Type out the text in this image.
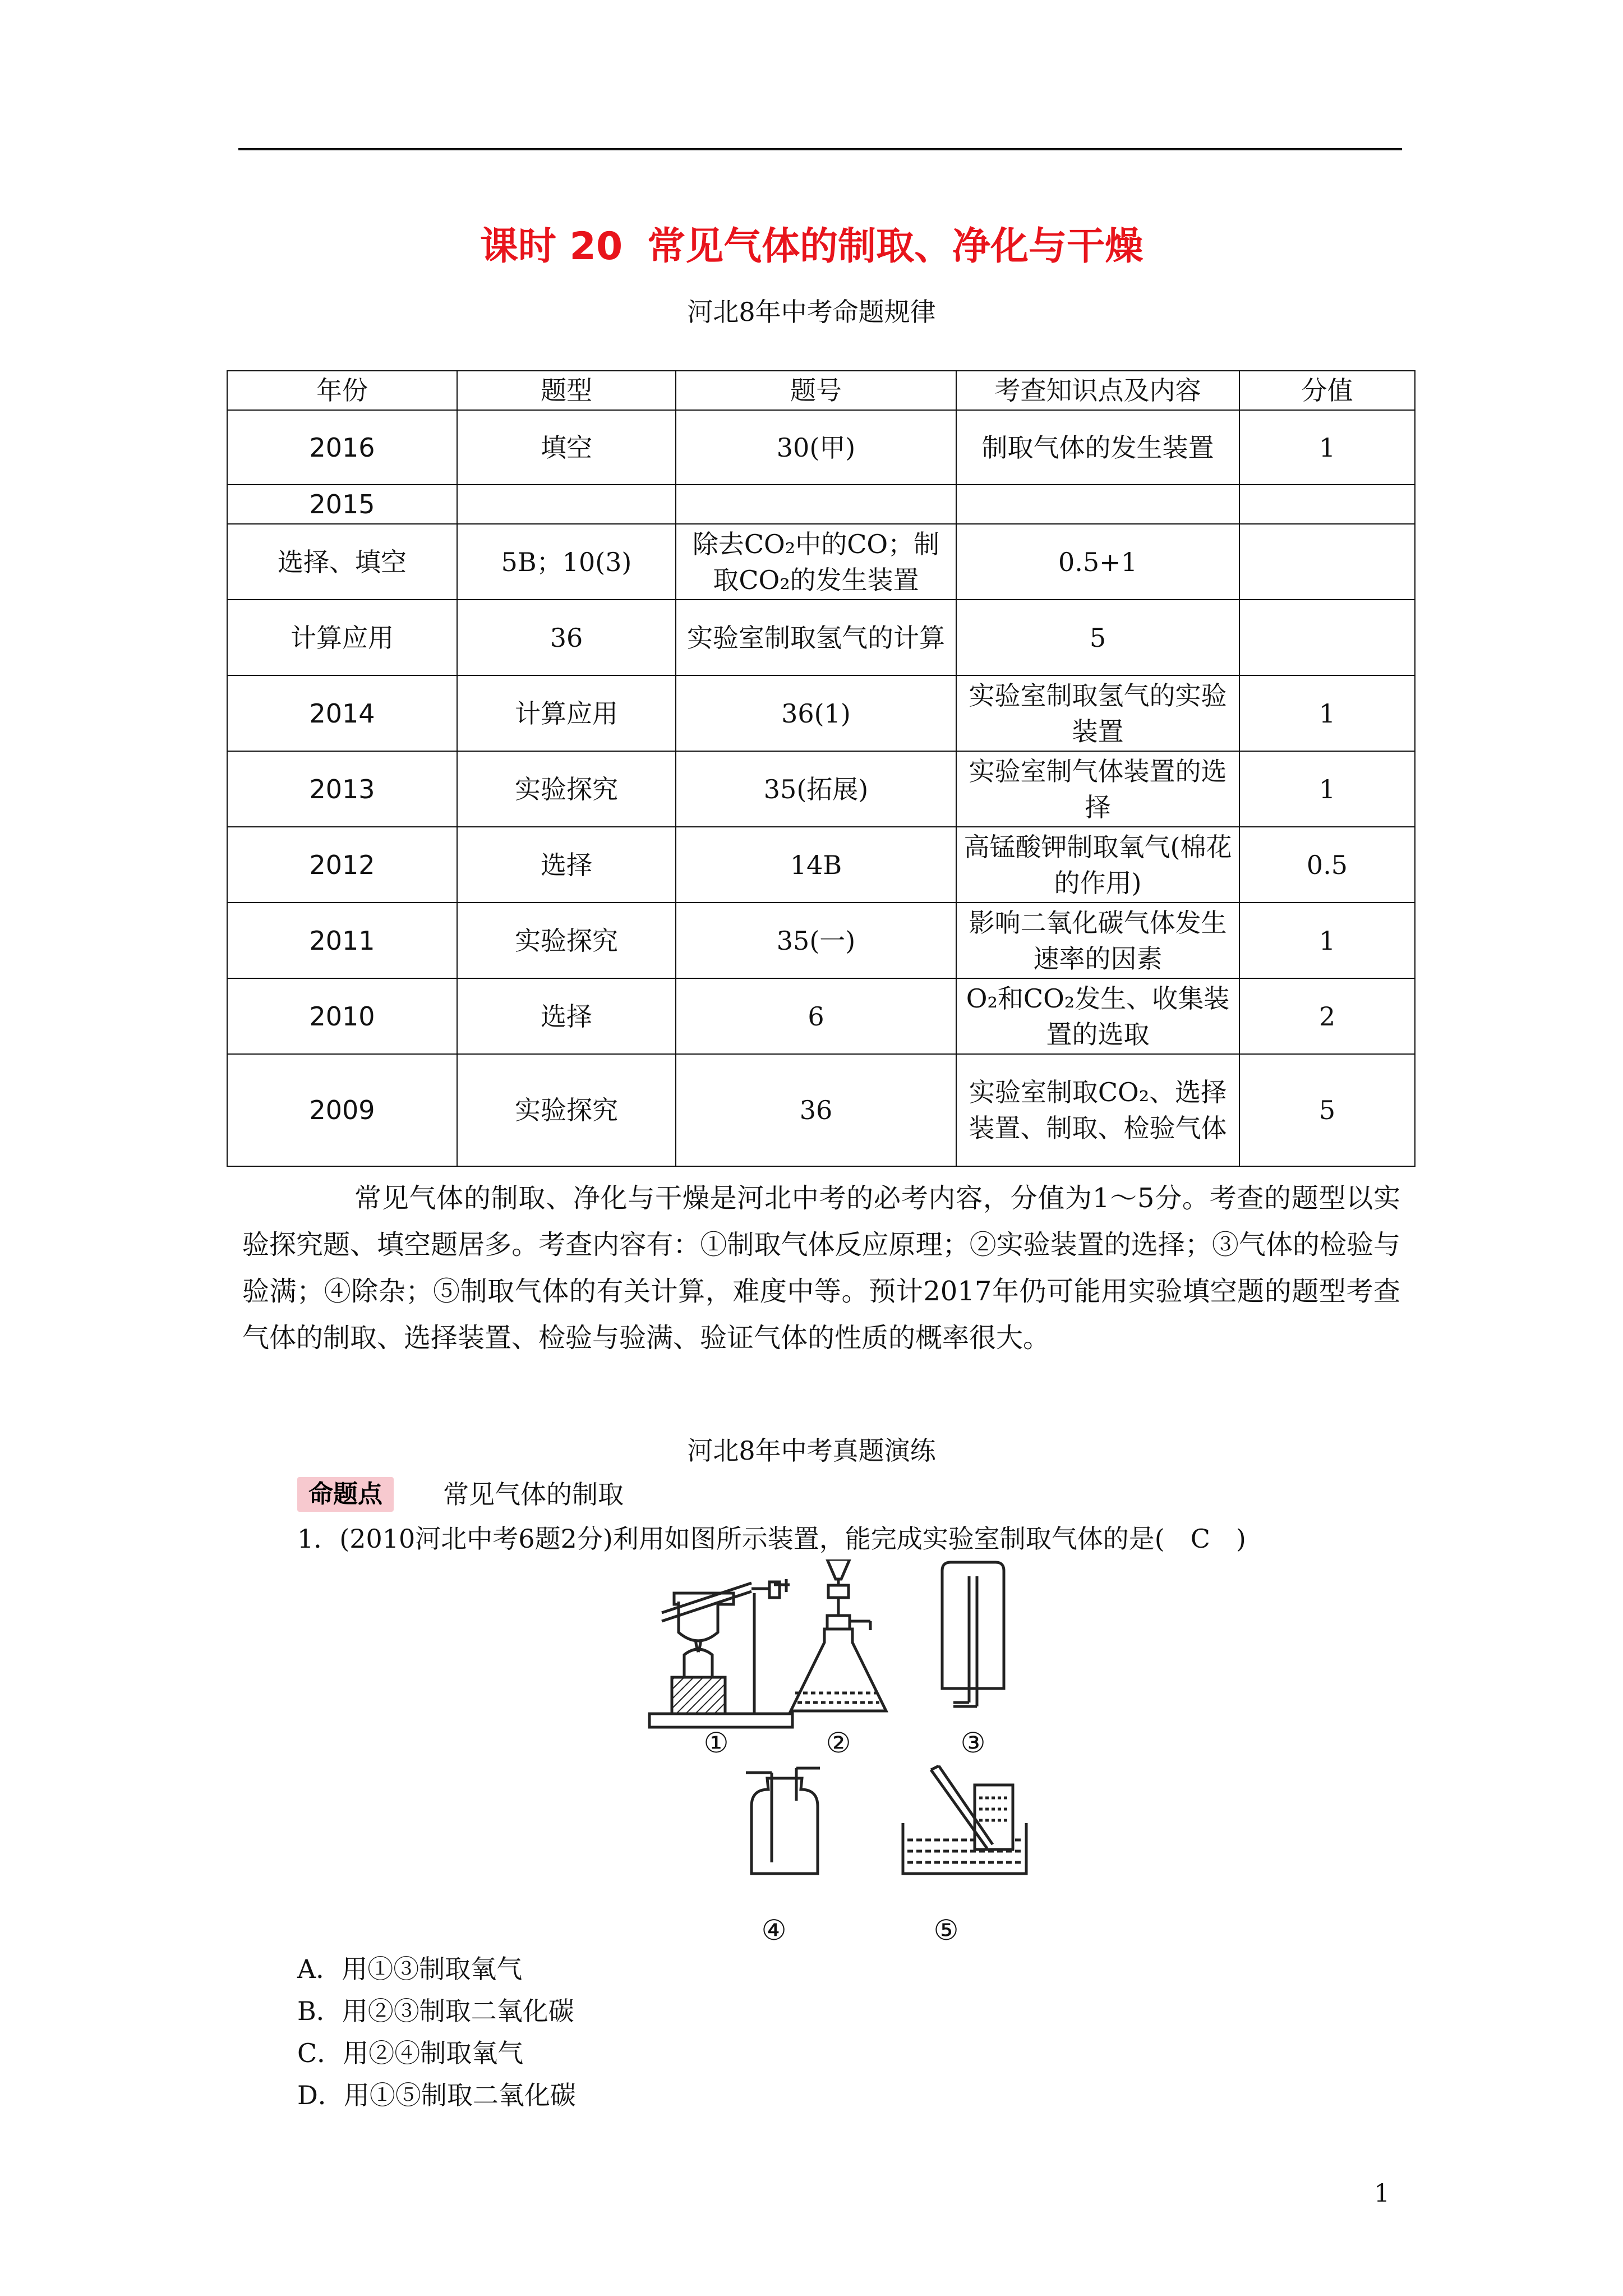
课时 20 常见气体的制取、净化与干燥
河北8年中考命题规律
年份	题型	题号	考查知识点及内容	分值
2016	填空	30(甲)	制取气体的发生装置	1
2015				
选择、填空	5B；10(3)	除去CO₂中的CO；制取CO₂的发生装置	0.5+1	
计算应用	36	实验室制取氢气的计算	5	
2014	计算应用	36(1)	实验室制取氢气的实验装置	1
2013	实验探究	35(拓展)	实验室制气体装置的选择	1
2012	选择	14B	高锰酸钾制取氧气(棉花的作用)	0.5
2011	实验探究	35(一)	影响二氧化碳气体发生速率的因素	1
2010	选择	6	O₂和CO₂发生、收集装置的选取	2
2009	实验探究	36	实验室制取CO₂、选择装置、制取、检验气体	5
常见气体的制取、净化与干燥是河北中考的必考内容，分值为1～5分。考查的题型以实验探究题、填空题居多。考查内容有：①制取气体反应原理；②实验装置的选择；③气体的检验与验满；④除杂；⑤制取气体的有关计算，难度中等。预计2017年仍可能用实验填空题的题型考查气体的制取、选择装置、检验与验满、验证气体的性质的概率很大。
河北8年中考真题演练
命题点	常见气体的制取
1．(2010河北中考6题2分)利用如图所示装置，能完成实验室制取气体的是(　C　)
①	②	③
④	⑤
A．用①③制取氧气
B．用②③制取二氧化碳
C．用②④制取氧气
D．用①⑤制取二氧化碳
1
